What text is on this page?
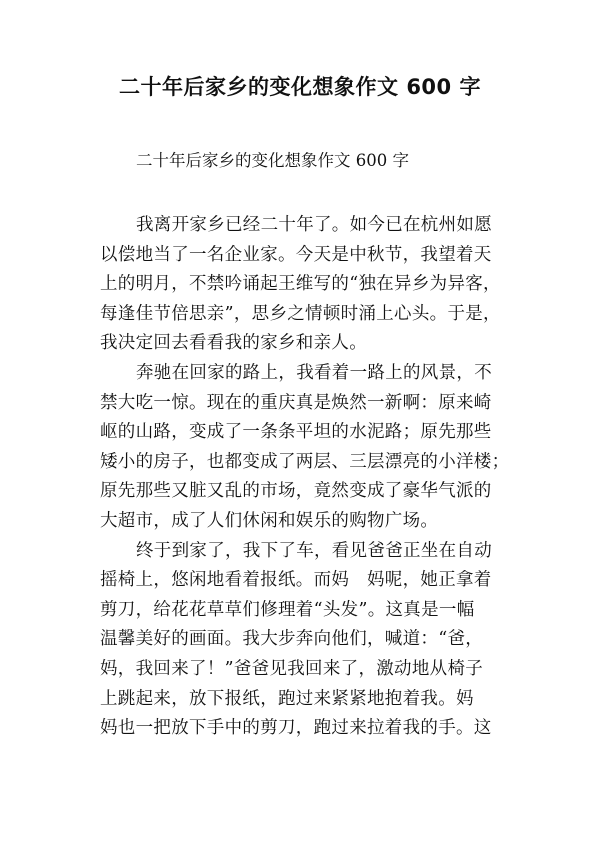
二十年后家乡的变化想象作文 600 字
二十年后家乡的变化想象作文 600 字
我离开家乡已经二十年了。如今已在杭州如愿
以偿地当了一名企业家。今天是中秋节，我望着天
上的明月，不禁吟诵起王维写的“独在异乡为异客，
每逢佳节倍思亲”，思乡之情顿时涌上心头。于是，
我决定回去看看我的家乡和亲人。
奔驰在回家的路上，我看着一路上的风景，不
禁大吃一惊。现在的重庆真是焕然一新啊：原来崎
岖的山路，变成了一条条平坦的水泥路；原先那些
矮小的房子，也都变成了两层、三层漂亮的小洋楼；
原先那些又脏又乱的市场，竟然变成了豪华气派的
大超市，成了人们休闲和娱乐的购物广场。
终于到家了，我下了车，看见爸爸正坐在自动
摇椅上，悠闲地看着报纸。而妈　妈呢，她正拿着
剪刀，给花花草草们修理着“头发”。这真是一幅
温馨美好的画面。我大步奔向他们，喊道：“爸，
妈，我回来了！”爸爸见我回来了，激动地从椅子
上跳起来，放下报纸，跑过来紧紧地抱着我。妈
妈也一把放下手中的剪刀，跑过来拉着我的手。这
